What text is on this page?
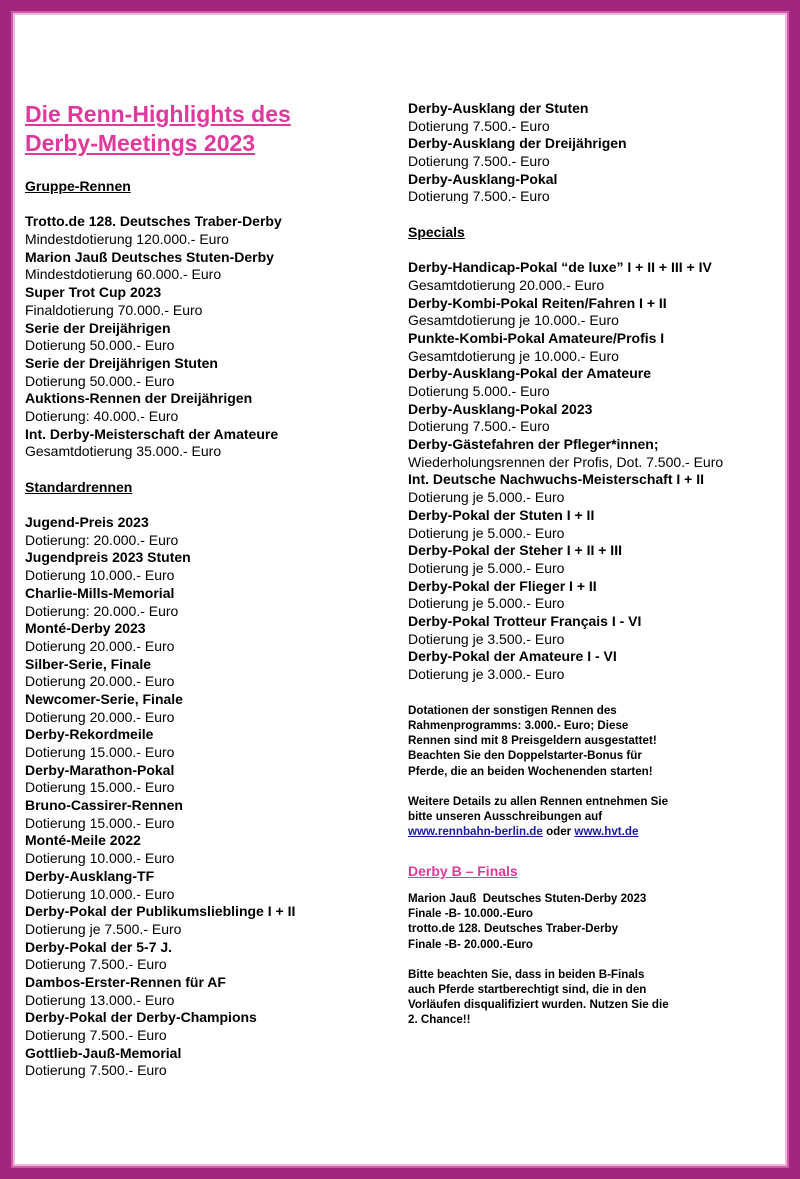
Die Renn-Highlights des
Derby-Meetings 2023
Gruppe-Rennen
Trotto.de 128. Deutsches Traber-Derby
Mindestdotierung 120.000.- Euro
Marion Jauß Deutsches Stuten-Derby
Mindestdotierung 60.000.- Euro
Super Trot Cup 2023
Finaldotierung 70.000.- Euro
Serie der Dreijährigen
Dotierung 50.000.- Euro
Serie der Dreijährigen Stuten
Dotierung 50.000.- Euro
Auktions-Rennen der Dreijährigen
Dotierung: 40.000.- Euro
Int. Derby-Meisterschaft der Amateure
Gesamtdotierung 35.000.- Euro
Standardrennen
Jugend-Preis 2023
Dotierung: 20.000.- Euro
Jugendpreis 2023 Stuten
Dotierung 10.000.- Euro
Charlie-Mills-Memorial
Dotierung: 20.000.- Euro
Monté-Derby 2023
Dotierung 20.000.- Euro
Silber-Serie, Finale
Dotierung 20.000.- Euro
Newcomer-Serie, Finale
Dotierung 20.000.- Euro
Derby-Rekordmeile
Dotierung 15.000.- Euro
Derby-Marathon-Pokal
Dotierung 15.000.- Euro
Bruno-Cassirer-Rennen
Dotierung 15.000.- Euro
Monté-Meile 2022
Dotierung 10.000.- Euro
Derby-Ausklang-TF
Dotierung 10.000.- Euro
Derby-Pokal der Publikumslieblinge I + II
Dotierung je 7.500.- Euro
Derby-Pokal der 5-7 J.
Dotierung 7.500.- Euro
Dambos-Erster-Rennen für AF
Dotierung 13.000.- Euro
Derby-Pokal der Derby-Champions
Dotierung 7.500.- Euro
Gottlieb-Jauß-Memorial
Dotierung 7.500.- Euro
Derby-Ausklang der Stuten
Dotierung 7.500.- Euro
Derby-Ausklang der Dreijährigen
Dotierung 7.500.- Euro
Derby-Ausklang-Pokal
Dotierung 7.500.- Euro
Specials
Derby-Handicap-Pokal “de luxe” I + II + III + IV
Gesamtdotierung 20.000.- Euro
Derby-Kombi-Pokal Reiten/Fahren I + II
Gesamtdotierung je 10.000.- Euro
Punkte-Kombi-Pokal Amateure/Profis I
Gesamtdotierung je 10.000.- Euro
Derby-Ausklang-Pokal der Amateure
Dotierung 5.000.- Euro
Derby-Ausklang-Pokal 2023
Dotierung 7.500.- Euro
Derby-Gästefahren der Pfleger*innen;
Wiederholungsrennen der Profis, Dot. 7.500.- Euro
Int. Deutsche Nachwuchs-Meisterschaft I + II
Dotierung je 5.000.- Euro
Derby-Pokal der Stuten I + II
Dotierung je 5.000.- Euro
Derby-Pokal der Steher I + II + III
Dotierung je 5.000.- Euro
Derby-Pokal der Flieger I + II
Dotierung je 5.000.- Euro
Derby-Pokal Trotteur Français I - VI
Dotierung je 3.500.- Euro
Derby-Pokal der Amateure I - VI
Dotierung je 3.000.- Euro
Dotationen der sonstigen Rennen des
Rahmenprogramms: 3.000.- Euro; Diese
Rennen sind mit 8 Preisgeldern ausgestattet!
Beachten Sie den Doppelstarter-Bonus für
Pferde, die an beiden Wochenenden starten!
Weitere Details zu allen Rennen entnehmen Sie
bitte unseren Ausschreibungen auf
www.rennbahn-berlin.de oder www.hvt.de
Derby B – Finals
Marion Jauß  Deutsches Stuten-Derby 2023
Finale -B- 10.000.-Euro
trotto.de 128. Deutsches Traber-Derby
Finale -B- 20.000.-Euro
Bitte beachten Sie, dass in beiden B-Finals
auch Pferde startberechtigt sind, die in den
Vorläufen disqualifiziert wurden. Nutzen Sie die
2. Chance!!
